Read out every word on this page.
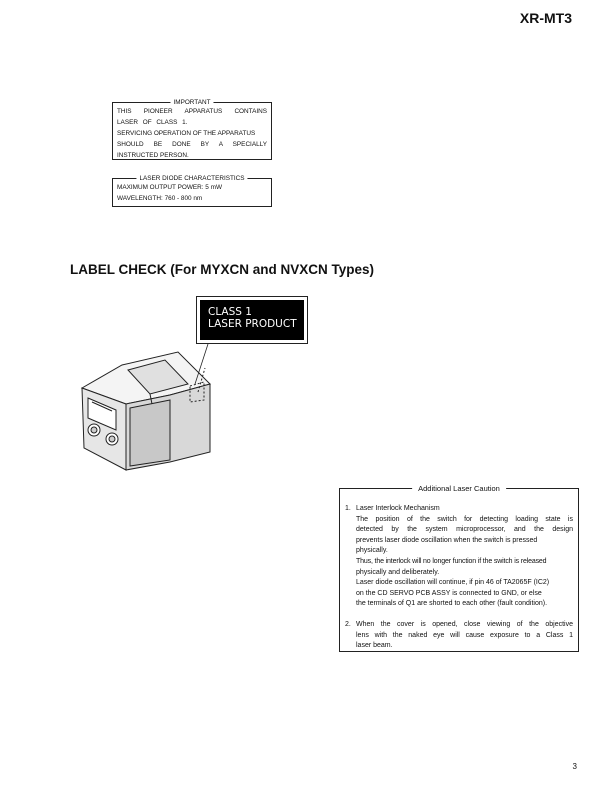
XR-MT3
IMPORTANT
THIS PIONEER APPARATUS CONTAINS
LASER OF CLASS 1.
SERVICING OPERATION OF THE APPARATUS
SHOULD BE DONE BY A SPECIALLY
INSTRUCTED PERSON.
LASER DIODE CHARACTERISTICS
MAXIMUM OUTPUT POWER: 5 mW
WAVELENGTH: 760 - 800 nm
LABEL CHECK (For MYXCN and NVXCN Types)
CLASS 1
LASER PRODUCT
Additional Laser Caution
1. Laser Interlock Mechanism
The position of the switch for detecting loading state is
detected by the system microprocessor, and the design
prevents laser diode oscillation when the switch is pressed
physically.
Thus, the interlock will no longer function if the switch is released
physically and deliberately.
Laser diode oscillation will continue, if pin 46 of TA2065F (IC2)
on the CD SERVO PCB ASSY is connected to GND, or else
the terminals of Q1 are shorted to each other (fault condition).
2. When the cover is opened, close viewing of the objective
lens with the naked eye will cause exposure to a Class 1
laser beam.
3
